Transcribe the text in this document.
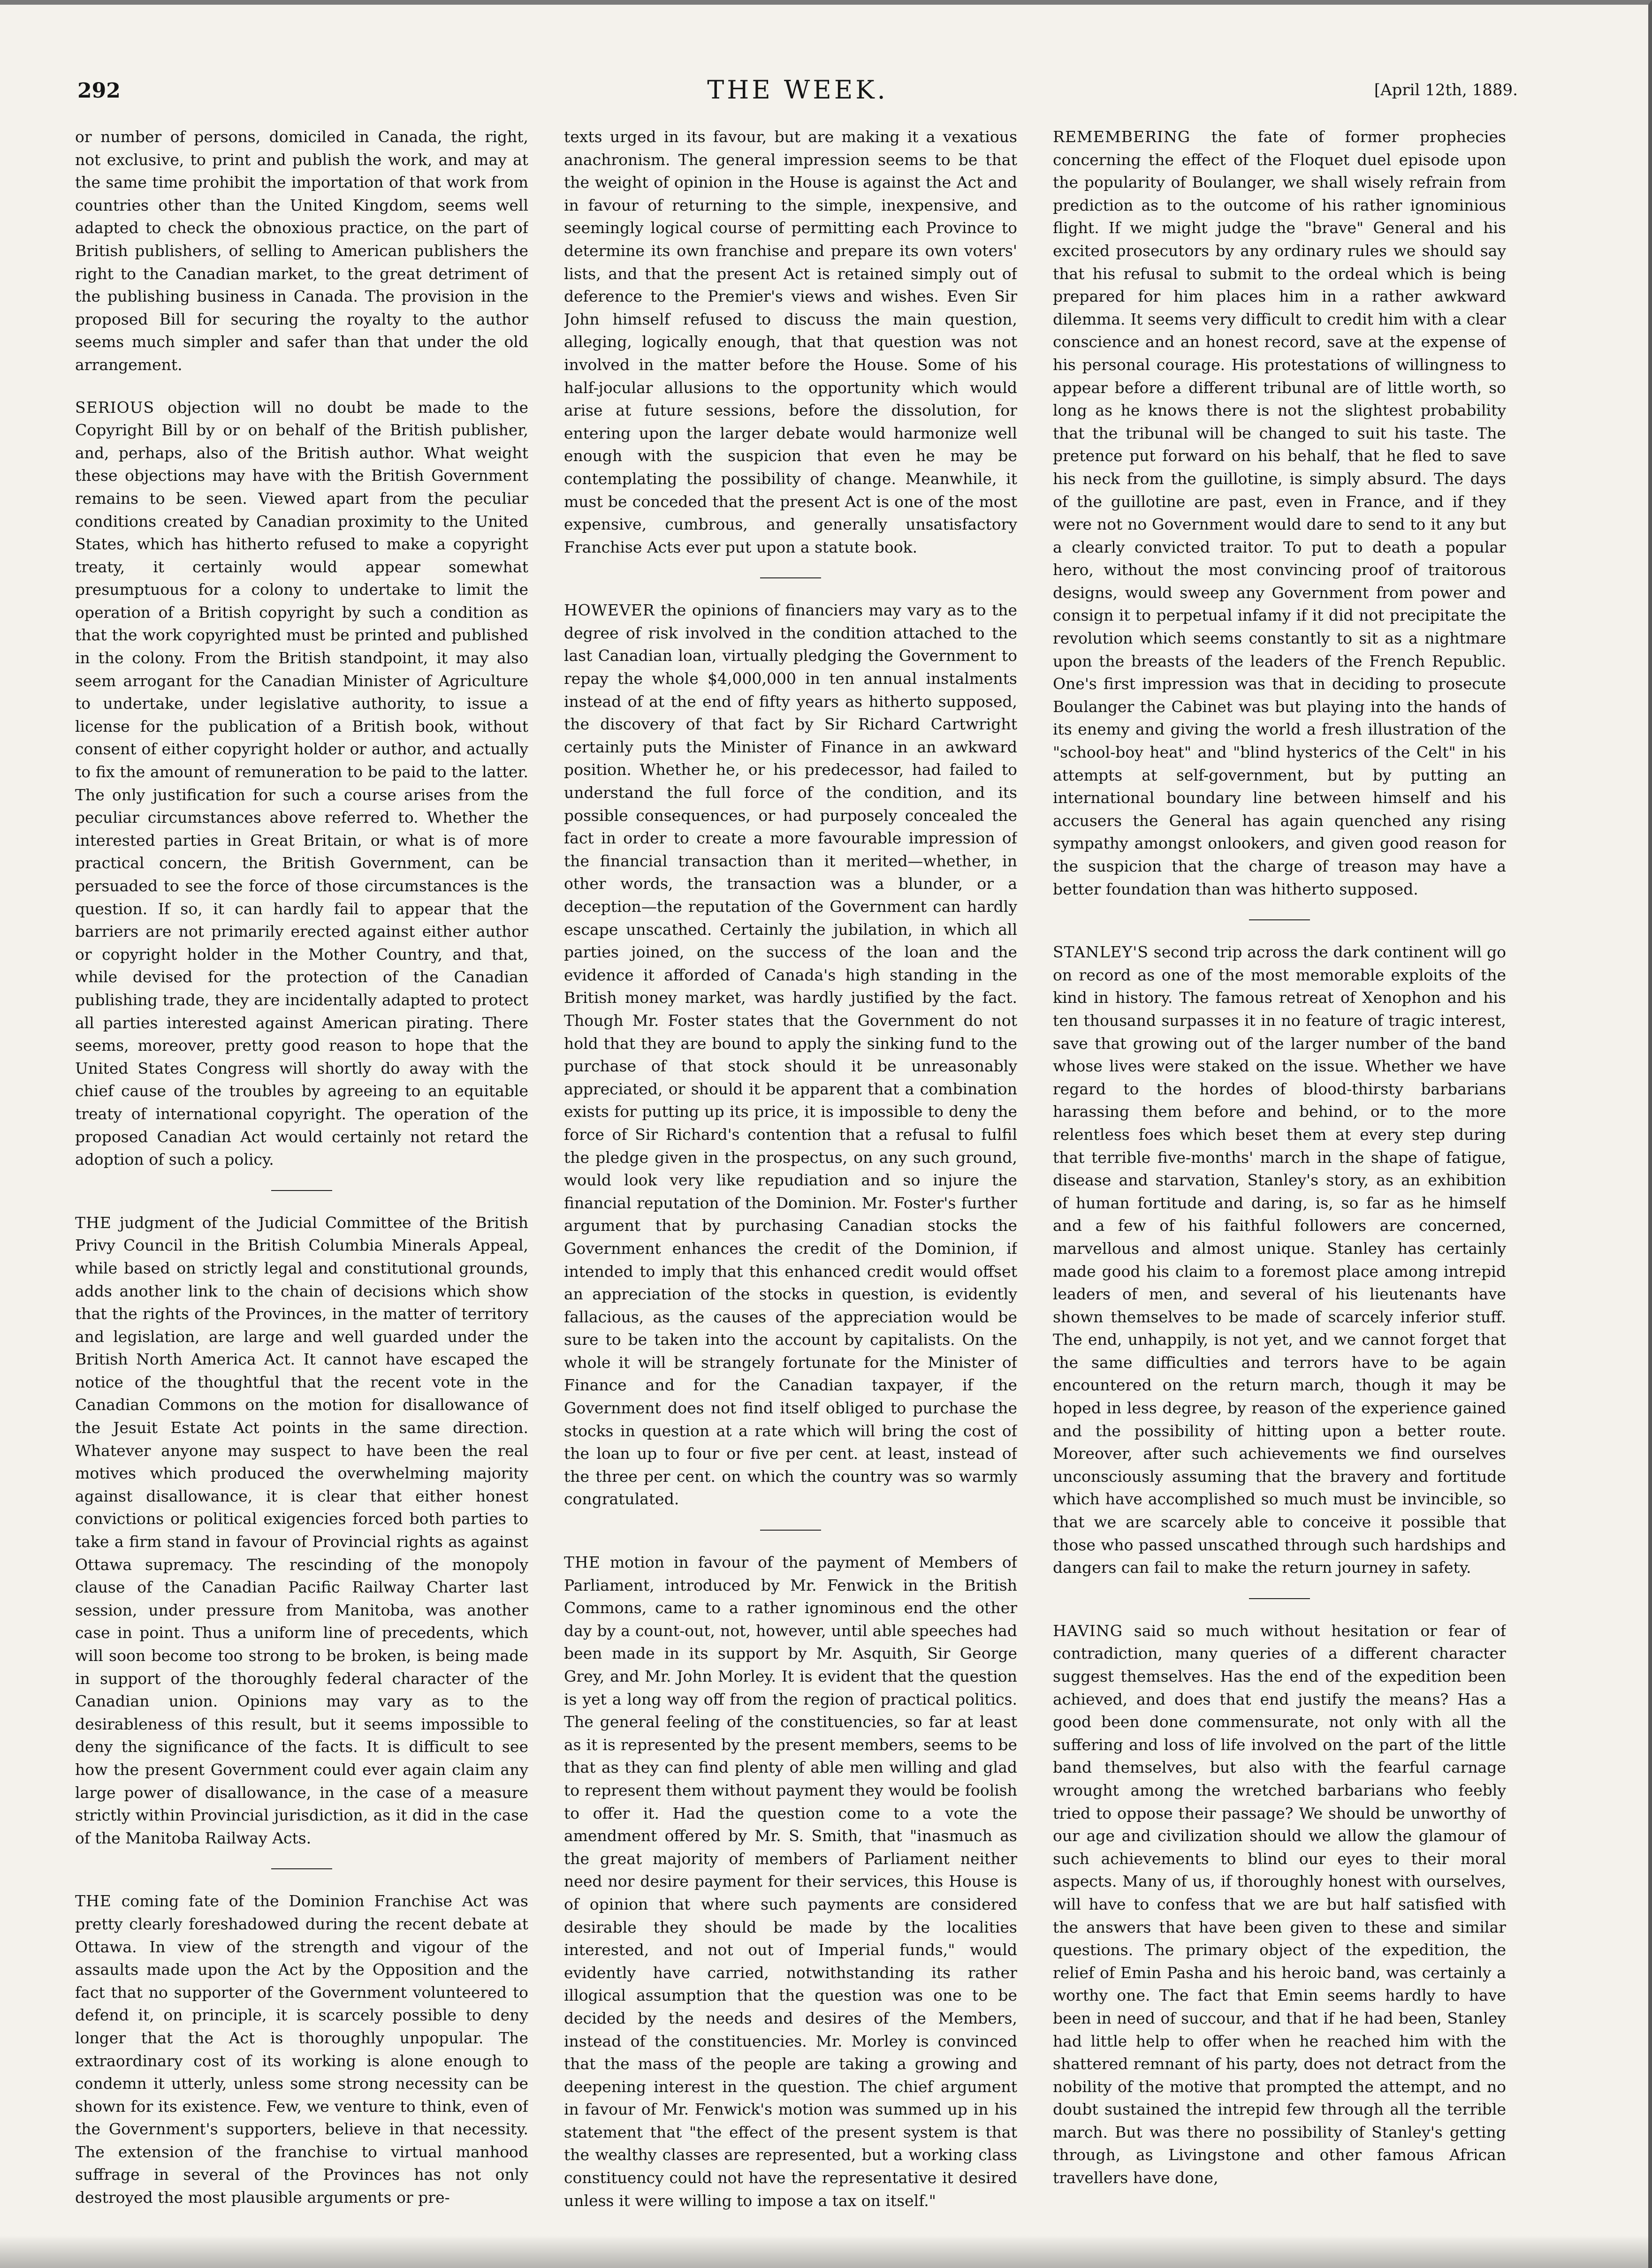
292	THE WEEK.	[April 12th, 1889.

or number of persons, domiciled in Canada, the right, not exclusive, to print and publish the work, and may at the same time prohibit the importation of that work from countries other than the United Kingdom, seems well adapted to check the obnoxious practice, on the part of British publishers, of selling to American publishers the right to the Canadian market, to the great detriment of the publishing business in Canada. The provision in the proposed Bill for securing the royalty to the author seems much simpler and safer than that under the old arrangement.

SERIOUS objection will no doubt be made to the Copyright Bill by or on behalf of the British publisher, and, perhaps, also of the British author. What weight these objections may have with the British Government remains to be seen. Viewed apart from the peculiar conditions created by Canadian proximity to the United States, which has hitherto refused to make a copyright treaty, it certainly would appear somewhat presumptuous for a colony to undertake to limit the operation of a British copyright by such a condition as that the work copyrighted must be printed and published in the colony. From the British standpoint, it may also seem arrogant for the Canadian Minister of Agriculture to undertake, under legislative authority, to issue a license for the publication of a British book, without consent of either copyright holder or author, and actually to fix the amount of remuneration to be paid to the latter. The only justification for such a course arises from the peculiar circumstances above referred to. Whether the interested parties in Great Britain, or what is of more practical concern, the British Government, can be persuaded to see the force of those circumstances is the question. If so, it can hardly fail to appear that the barriers are not primarily erected against either author or copyright holder in the Mother Country, and that, while devised for the protection of the Canadian publishing trade, they are incidentally adapted to protect all parties interested against American pirating. There seems, moreover, pretty good reason to hope that the United States Congress will shortly do away with the chief cause of the troubles by agreeing to an equitable treaty of international copyright. The operation of the proposed Canadian Act would certainly not retard the adoption of such a policy.

THE judgment of the Judicial Committee of the British Privy Council in the British Columbia Minerals Appeal, while based on strictly legal and constitutional grounds, adds another link to the chain of decisions which show that the rights of the Provinces, in the matter of territory and legislation, are large and well guarded under the British North America Act. It cannot have escaped the notice of the thoughtful that the recent vote in the Canadian Commons on the motion for disallowance of the Jesuit Estate Act points in the same direction. Whatever anyone may suspect to have been the real motives which produced the overwhelming majority against disallowance, it is clear that either honest convictions or political exigencies forced both parties to take a firm stand in favour of Provincial rights as against Ottawa supremacy. The rescinding of the monopoly clause of the Canadian Pacific Railway Charter last session, under pressure from Manitoba, was another case in point. Thus a uniform line of precedents, which will soon become too strong to be broken, is being made in support of the thoroughly federal character of the Canadian union. Opinions may vary as to the desirableness of this result, but it seems impossible to deny the significance of the facts. It is difficult to see how the present Government could ever again claim any large power of disallowance, in the case of a measure strictly within Provincial jurisdiction, as it did in the case of the Manitoba Railway Acts.

THE coming fate of the Dominion Franchise Act was pretty clearly foreshadowed during the recent debate at Ottawa. In view of the strength and vigour of the assaults made upon the Act by the Opposition and the fact that no supporter of the Government volunteered to defend it, on principle, it is scarcely possible to deny longer that the Act is thoroughly unpopular. The extraordinary cost of its working is alone enough to condemn it utterly, unless some strong necessity can be shown for its existence. Few, we venture to think, even of the Government's supporters, believe in that necessity. The extension of the franchise to virtual manhood suffrage in several of the Provinces has not only destroyed the most plausible arguments or pre-

texts urged in its favour, but are making it a vexatious anachronism. The general impression seems to be that the weight of opinion in the House is against the Act and in favour of returning to the simple, inexpensive, and seemingly logical course of permitting each Province to determine its own franchise and prepare its own voters' lists, and that the present Act is retained simply out of deference to the Premier's views and wishes. Even Sir John himself refused to discuss the main question, alleging, logically enough, that that question was not involved in the matter before the House. Some of his half-jocular allusions to the opportunity which would arise at future sessions, before the dissolution, for entering upon the larger debate would harmonize well enough with the suspicion that even he may be contemplating the possibility of change. Meanwhile, it must be conceded that the present Act is one of the most expensive, cumbrous, and generally unsatisfactory Franchise Acts ever put upon a statute book.

HOWEVER the opinions of financiers may vary as to the degree of risk involved in the condition attached to the last Canadian loan, virtually pledging the Government to repay the whole $4,000,000 in ten annual instalments instead of at the end of fifty years as hitherto supposed, the discovery of that fact by Sir Richard Cartwright certainly puts the Minister of Finance in an awkward position. Whether he, or his predecessor, had failed to understand the full force of the condition, and its possible consequences, or had purposely concealed the fact in order to create a more favourable impression of the financial transaction than it merited—whether, in other words, the transaction was a blunder, or a deception—the reputation of the Government can hardly escape unscathed. Certainly the jubilation, in which all parties joined, on the success of the loan and the evidence it afforded of Canada's high standing in the British money market, was hardly justified by the fact. Though Mr. Foster states that the Government do not hold that they are bound to apply the sinking fund to the purchase of that stock should it be unreasonably appreciated, or should it be apparent that a combination exists for putting up its price, it is impossible to deny the force of Sir Richard's contention that a refusal to fulfil the pledge given in the prospectus, on any such ground, would look very like repudiation and so injure the financial reputation of the Dominion. Mr. Foster's further argument that by purchasing Canadian stocks the Government enhances the credit of the Dominion, if intended to imply that this enhanced credit would offset an appreciation of the stocks in question, is evidently fallacious, as the causes of the appreciation would be sure to be taken into the account by capitalists. On the whole it will be strangely fortunate for the Minister of Finance and for the Canadian taxpayer, if the Government does not find itself obliged to purchase the stocks in question at a rate which will bring the cost of the loan up to four or five per cent. at least, instead of the three per cent. on which the country was so warmly congratulated.

THE motion in favour of the payment of Members of Parliament, introduced by Mr. Fenwick in the British Commons, came to a rather ignominous end the other day by a count-out, not, however, until able speeches had been made in its support by Mr. Asquith, Sir George Grey, and Mr. John Morley. It is evident that the question is yet a long way off from the region of practical politics. The general feeling of the constituencies, so far at least as it is represented by the present members, seems to be that as they can find plenty of able men willing and glad to represent them without payment they would be foolish to offer it. Had the question come to a vote the amendment offered by Mr. S. Smith, that "inasmuch as the great majority of members of Parliament neither need nor desire payment for their services, this House is of opinion that where such payments are considered desirable they should be made by the localities interested, and not out of Imperial funds," would evidently have carried, notwithstanding its rather illogical assumption that the question was one to be decided by the needs and desires of the Members, instead of the constituencies. Mr. Morley is convinced that the mass of the people are taking a growing and deepening interest in the question. The chief argument in favour of Mr. Fenwick's motion was summed up in his statement that "the effect of the present system is that the wealthy classes are represented, but a working class constituency could not have the representative it desired unless it were willing to impose a tax on itself."

REMEMBERING the fate of former prophecies concerning the effect of the Floquet duel episode upon the popularity of Boulanger, we shall wisely refrain from prediction as to the outcome of his rather ignominious flight. If we might judge the "brave" General and his excited prosecutors by any ordinary rules we should say that his refusal to submit to the ordeal which is being prepared for him places him in a rather awkward dilemma. It seems very difficult to credit him with a clear conscience and an honest record, save at the expense of his personal courage. His protestations of willingness to appear before a different tribunal are of little worth, so long as he knows there is not the slightest probability that the tribunal will be changed to suit his taste. The pretence put forward on his behalf, that he fled to save his neck from the guillotine, is simply absurd. The days of the guillotine are past, even in France, and if they were not no Government would dare to send to it any but a clearly convicted traitor. To put to death a popular hero, without the most convincing proof of traitorous designs, would sweep any Government from power and consign it to perpetual infamy if it did not precipitate the revolution which seems constantly to sit as a nightmare upon the breasts of the leaders of the French Republic. One's first impression was that in deciding to prosecute Boulanger the Cabinet was but playing into the hands of its enemy and giving the world a fresh illustration of the "school-boy heat" and "blind hysterics of the Celt" in his attempts at self-government, but by putting an international boundary line between himself and his accusers the General has again quenched any rising sympathy amongst onlookers, and given good reason for the suspicion that the charge of treason may have a better foundation than was hitherto supposed.

STANLEY'S second trip across the dark continent will go on record as one of the most memorable exploits of the kind in history. The famous retreat of Xenophon and his ten thousand surpasses it in no feature of tragic interest, save that growing out of the larger number of the band whose lives were staked on the issue. Whether we have regard to the hordes of blood-thirsty barbarians harassing them before and behind, or to the more relentless foes which beset them at every step during that terrible five-months' march in the shape of fatigue, disease and starvation, Stanley's story, as an exhibition of human fortitude and daring, is, so far as he himself and a few of his faithful followers are concerned, marvellous and almost unique. Stanley has certainly made good his claim to a foremost place among intrepid leaders of men, and several of his lieutenants have shown themselves to be made of scarcely inferior stuff. The end, unhappily, is not yet, and we cannot forget that the same difficulties and terrors have to be again encountered on the return march, though it may be hoped in less degree, by reason of the experience gained and the possibility of hitting upon a better route. Moreover, after such achievements we find ourselves unconsciously assuming that the bravery and fortitude which have accomplished so much must be invincible, so that we are scarcely able to conceive it possible that those who passed unscathed through such hardships and dangers can fail to make the return journey in safety.

HAVING said so much without hesitation or fear of contradiction, many queries of a different character suggest themselves. Has the end of the expedition been achieved, and does that end justify the means? Has a good been done commensurate, not only with all the suffering and loss of life involved on the part of the little band themselves, but also with the fearful carnage wrought among the wretched barbarians who feebly tried to oppose their passage? We should be unworthy of our age and civilization should we allow the glamour of such achievements to blind our eyes to their moral aspects. Many of us, if thoroughly honest with ourselves, will have to confess that we are but half satisfied with the answers that have been given to these and similar questions. The primary object of the expedition, the relief of Emin Pasha and his heroic band, was certainly a worthy one. The fact that Emin seems hardly to have been in need of succour, and that if he had been, Stanley had little help to offer when he reached him with the shattered remnant of his party, does not detract from the nobility of the motive that prompted the attempt, and no doubt sustained the intrepid few through all the terrible march. But was there no possibility of Stanley's getting through, as Livingstone and other famous African travellers have done,
